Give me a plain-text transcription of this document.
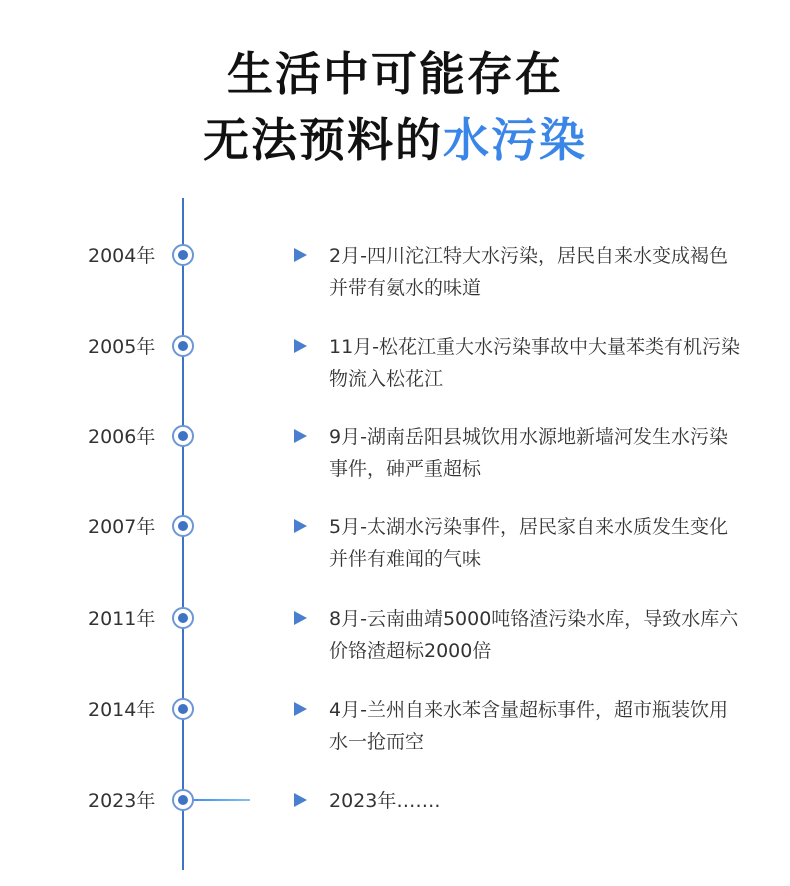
生活中可能存在
无法预料的水污染
2004年	2月-四川沱江特大水污染，居民自来水变成褐色并带有氨水的味道
2005年	11月-松花江重大水污染事故中大量苯类有机污染物流入松花江
2006年	9月-湖南岳阳县城饮用水源地新墙河发生水污染事件，砷严重超标
2007年	5月-太湖水污染事件，居民家自来水质发生变化并伴有难闻的气味
2011年	8月-云南曲靖5000吨铬渣污染水库，导致水库六价铬渣超标2000倍
2014年	4月-兰州自来水苯含量超标事件，超市瓶装饮用水一抢而空
2023年	2023年…….
